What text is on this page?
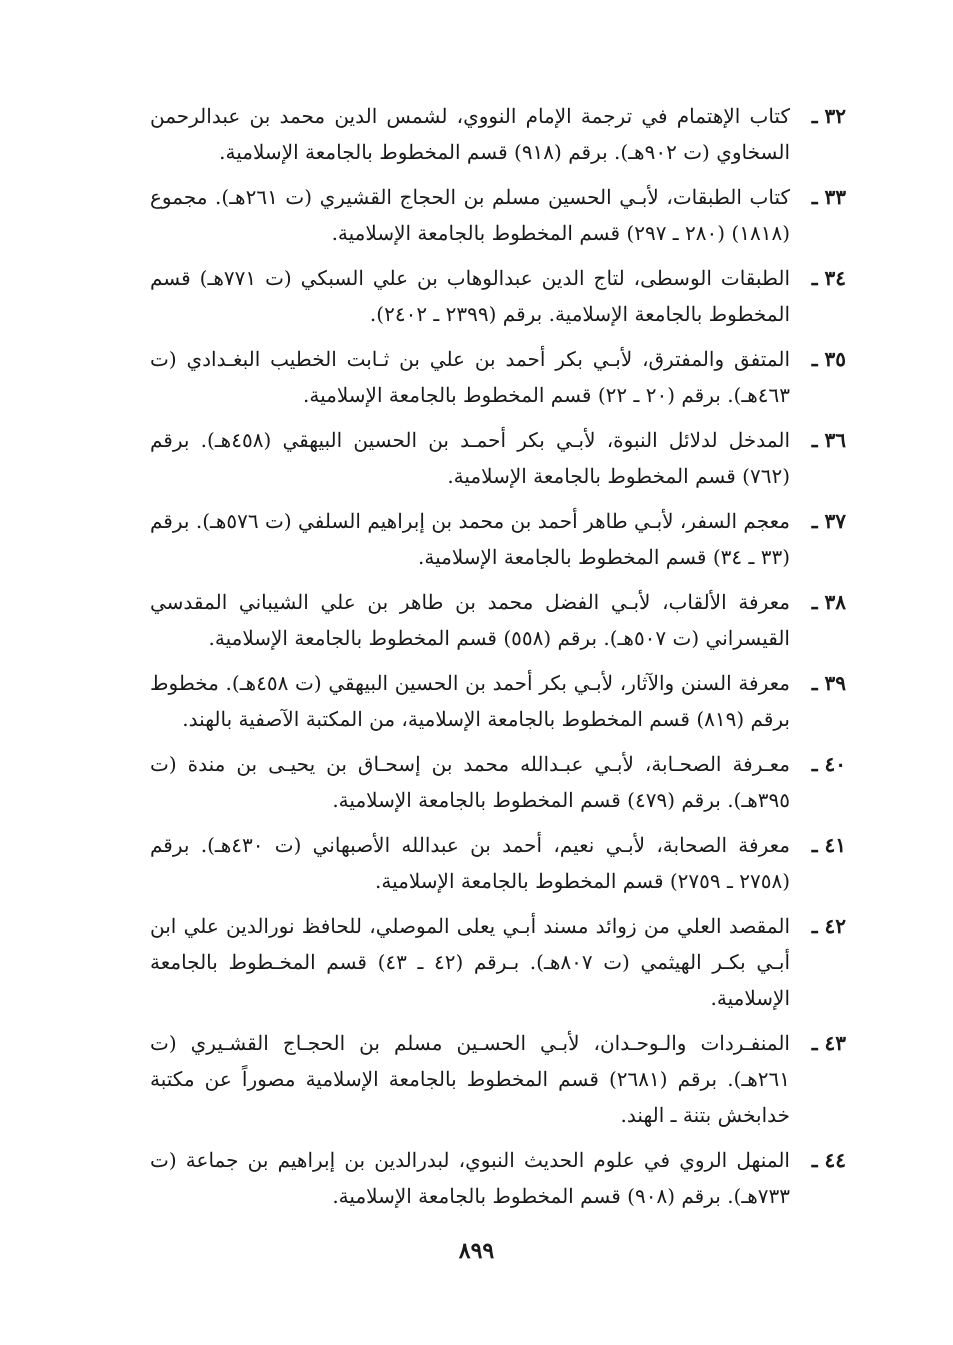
٣٢ ـ
كتاب الإهتمام في ترجمة الإمام النووي، لشمس الدين محمد بن عبدالرحمن السخاوي (ت ٩٠٢هـ). برقم (٩١٨) قسم المخطوط بالجامعة الإسلامية.
٣٣ ـ
كتاب الطبقات، لأبـي الحسين مسلم بن الحجاج القشيري (ت ٢٦١هـ). مجموع (١٨١٨) (٢٨٠ ـ ٢٩٧) قسم المخطوط بالجامعة الإسلامية.
٣٤ ـ
الطبقات الوسطى، لتاج الدين عبدالوهاب بن علي السبكي (ت ٧٧١هـ) قسم المخطوط بالجامعة الإسلامية. برقم (٢٣٩٩ ـ ٢٤٠٢).
٣٥ ـ
المتفق والمفترق، لأبـي بكر أحمد بن علي بن ثـابت الخطيب البغـدادي (ت ٤٦٣هـ). برقم (٢٠ ـ ٢٢) قسم المخطوط بالجامعة الإسلامية.
٣٦ ـ
المدخل لدلائل النبوة، لأبـي بكر أحمـد بن الحسين البيهقي (٤٥٨هـ). برقم (٧٦٢) قسم المخطوط بالجامعة الإسلامية.
٣٧ ـ
معجم السفر، لأبـي طاهر أحمد بن محمد بن إبراهيم السلفي (ت ٥٧٦هـ). برقم (٣٣ ـ ٣٤) قسم المخطوط بالجامعة الإسلامية.
٣٨ ـ
معرفة الألقاب، لأبـي الفضل محمد بن طاهر بن علي الشيباني المقدسي القيسراني (ت ٥٠٧هـ). برقم (٥٥٨) قسم المخطوط بالجامعة الإسلامية.
٣٩ ـ
معرفة السنن والآثار، لأبـي بكر أحمد بن الحسين البيهقي (ت ٤٥٨هـ). مخطوط برقم (٨١٩) قسم المخطوط بالجامعة الإسلامية، من المكتبة الآصفية بالهند.
٤٠ ـ
معـرفة الصحـابة، لأبـي عبـدالله محمد بن إسحـاق بن يحيـى بن مندة (ت ٣٩٥هـ). برقم (٤٧٩) قسم المخطوط بالجامعة الإسلامية.
٤١ ـ
معرفة الصحابة، لأبـي نعيم، أحمد بن عبدالله الأصبهاني (ت ٤٣٠هـ). برقم (٢٧٥٨ ـ ٢٧٥٩) قسم المخطوط بالجامعة الإسلامية.
٤٢ ـ
المقصد العلي من زوائد مسند أبـي يعلى الموصلي، للحافظ نورالدين علي ابن أبـي بكـر الهيثمي (ت ٨٠٧هـ). بـرقم (٤٢ ـ ٤٣) قسم المخـطوط بالجامعة الإسلامية.
٤٣ ـ
المنفـردات والـوحـدان، لأبـي الحسـين مسلم بن الحجـاج القشـيري (ت ٢٦١هـ). برقم (٢٦٨١) قسم المخطوط بالجامعة الإسلامية مصوراً عن مكتبة خدابخش بتنة ـ الهند.
٤٤ ـ
المنهل الروي في علوم الحديث النبوي، لبدرالدين بن إبراهيم بن جماعة (ت ٧٣٣هـ). برقم (٩٠٨) قسم المخطوط بالجامعة الإسلامية.
٨٩٩
